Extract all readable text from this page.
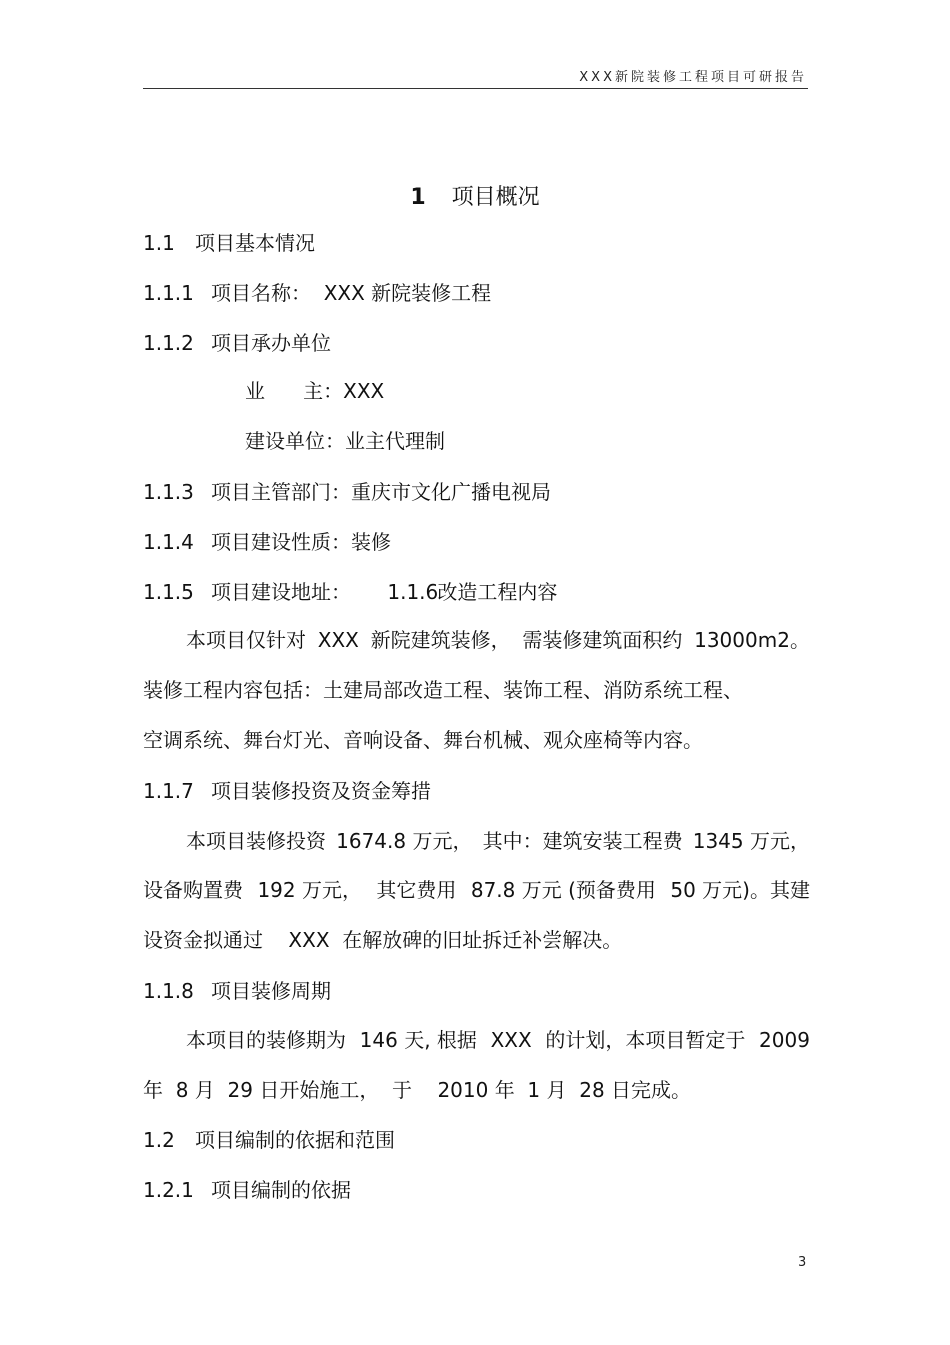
XXX新院装修工程项目可研报告
1 项目概况
1.1 项目基本情况
1.1.1 项目名称：  XXX 新院装修工程
1.1.2 项目承办单位
业      主：XXX
建设单位：业主代理制
1.1.3 项目主管部门：重庆市文化广播电视局
1.1.4 项目建设性质：装修
1.1.5 项目建设地址： 1.1.6改造工程内容
本项目仅针对 XXX 新院建筑装修， 需装修建筑面积约 13000m2。
装修工程内容包括：土建局部改造工程、装饰工程、消防系统工程、
空调系统、舞台灯光、音响设备、舞台机械、观众座椅等内容。
1.1.7 项目装修投资及资金筹措
本项目装修投资 1674.8 万元， 其中：建筑安装工程费 1345 万元，
设备购置费 192 万元， 其它费用 87.8 万元 (预备费用 50 万元)。其建
设资金拟通过    XXX  在解放碑的旧址拆迁补尝解决。
1.1.8 项目装修周期
本项目的装修期为 146 天, 根据 XXX 的计划，本项目暂定于 2009
年  8 月  29 日开始施工，  于    2010 年  1 月  28 日完成。
1.2 项目编制的依据和范围
1.2.1 项目编制的依据
3
